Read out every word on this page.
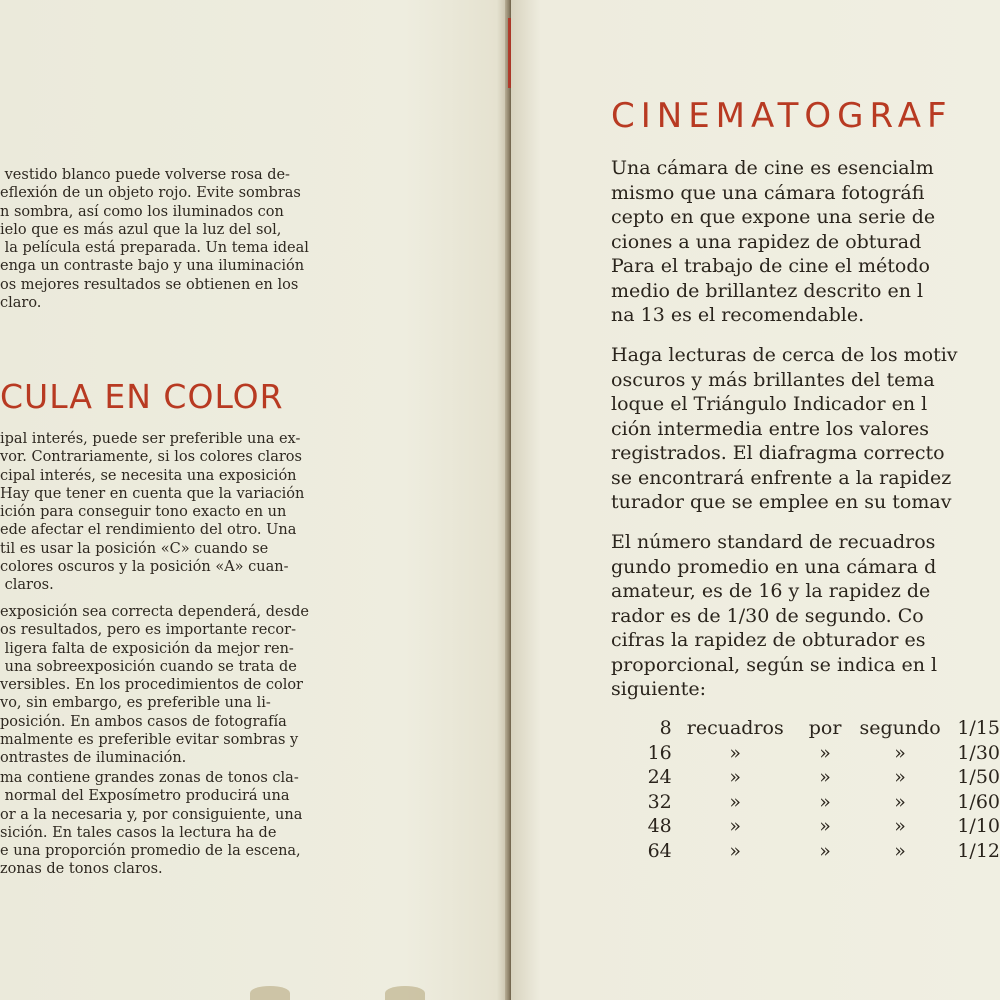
vestido blanco puede volverse rosa de-
eflexión de un objeto rojo. Evite sombras
n sombra, así como los iluminados con
ielo que es más azul que la luz del sol,
la película está preparada. Un tema ideal
enga un contraste bajo y una iluminación
os mejores resultados se obtienen en los
claro.
CULA EN COLOR
ipal interés, puede ser preferible una ex-
vor. Contrariamente, si los colores claros
cipal interés, se necesita una exposición
Hay que tener en cuenta que la variación
ición para conseguir tono exacto en un
ede afectar el rendimiento del otro. Una
til es usar la posición «C» cuando se
colores oscuros y la posición «A» cuan-
claros.
exposición sea correcta dependerá, desde
os resultados, pero es importante recor-
ligera falta de exposición da mejor ren-
una sobreexposición cuando se trata de
versibles. En los procedimientos de color
vo, sin embargo, es preferible una li-
posición. En ambos casos de fotografía
malmente es preferible evitar sombras y
ontrastes de iluminación.
ma contiene grandes zonas de tonos cla-
normal del Exposímetro producirá una
or a la necesaria y, por consiguiente, una
sición. En tales casos la lectura ha de
e una proporción promedio de la escena,
zonas de tonos claros.
CINEMATOGRAF
Una cámara de cine es esencialm
mismo que una cámara fotográfi
cepto en que expone una serie de
ciones a una rapidez de obturad
Para el trabajo de cine el método
medio de brillantez descrito en l
na 13 es el recomendable.
Haga lecturas de cerca de los motiv
oscuros y más brillantes del tema
loque el Triángulo Indicador en l
ción intermedia entre los valores
registrados. El diafragma correcto
se encontrará enfrente a la rapidez
turador que se emplee en su tomav
El número standard de recuadros
gundo promedio en una cámara d
amateur, es de 16 y la rapidez de
rador es de 1/30 de segundo. Co
cifras la rapidez de obturador es
proporcional, según se indica en l
siguiente:
8	recuadros	por	segundo	1/15
16	»	»	»	1/30
24	»	»	»	1/50
32	»	»	»	1/60
48	»	»	»	1/10
64	»	»	»	1/12
